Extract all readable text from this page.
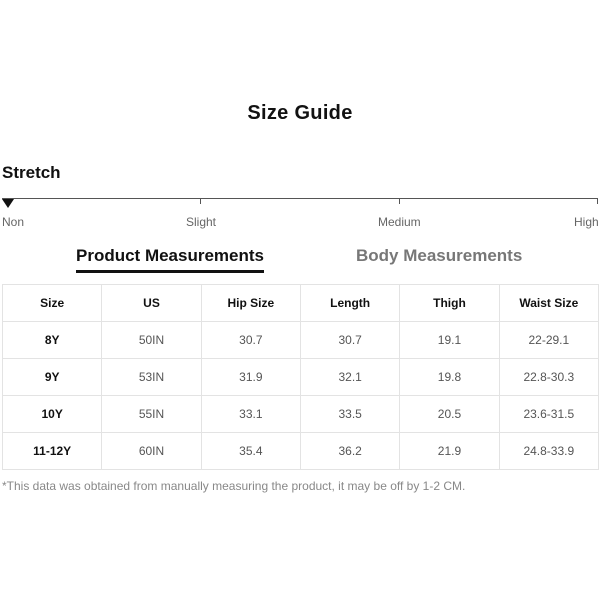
Size Guide
Stretch
Non	Slight	Medium	High
Product Measurements	Body Measurements
Size	US	Hip Size	Length	Thigh	Waist Size
8Y	50IN	30.7	30.7	19.1	22-29.1
9Y	53IN	31.9	32.1	19.8	22.8-30.3
10Y	55IN	33.1	33.5	20.5	23.6-31.5
11-12Y	60IN	35.4	36.2	21.9	24.8-33.9
*This data was obtained from manually measuring the product, it may be off by 1-2 CM.
